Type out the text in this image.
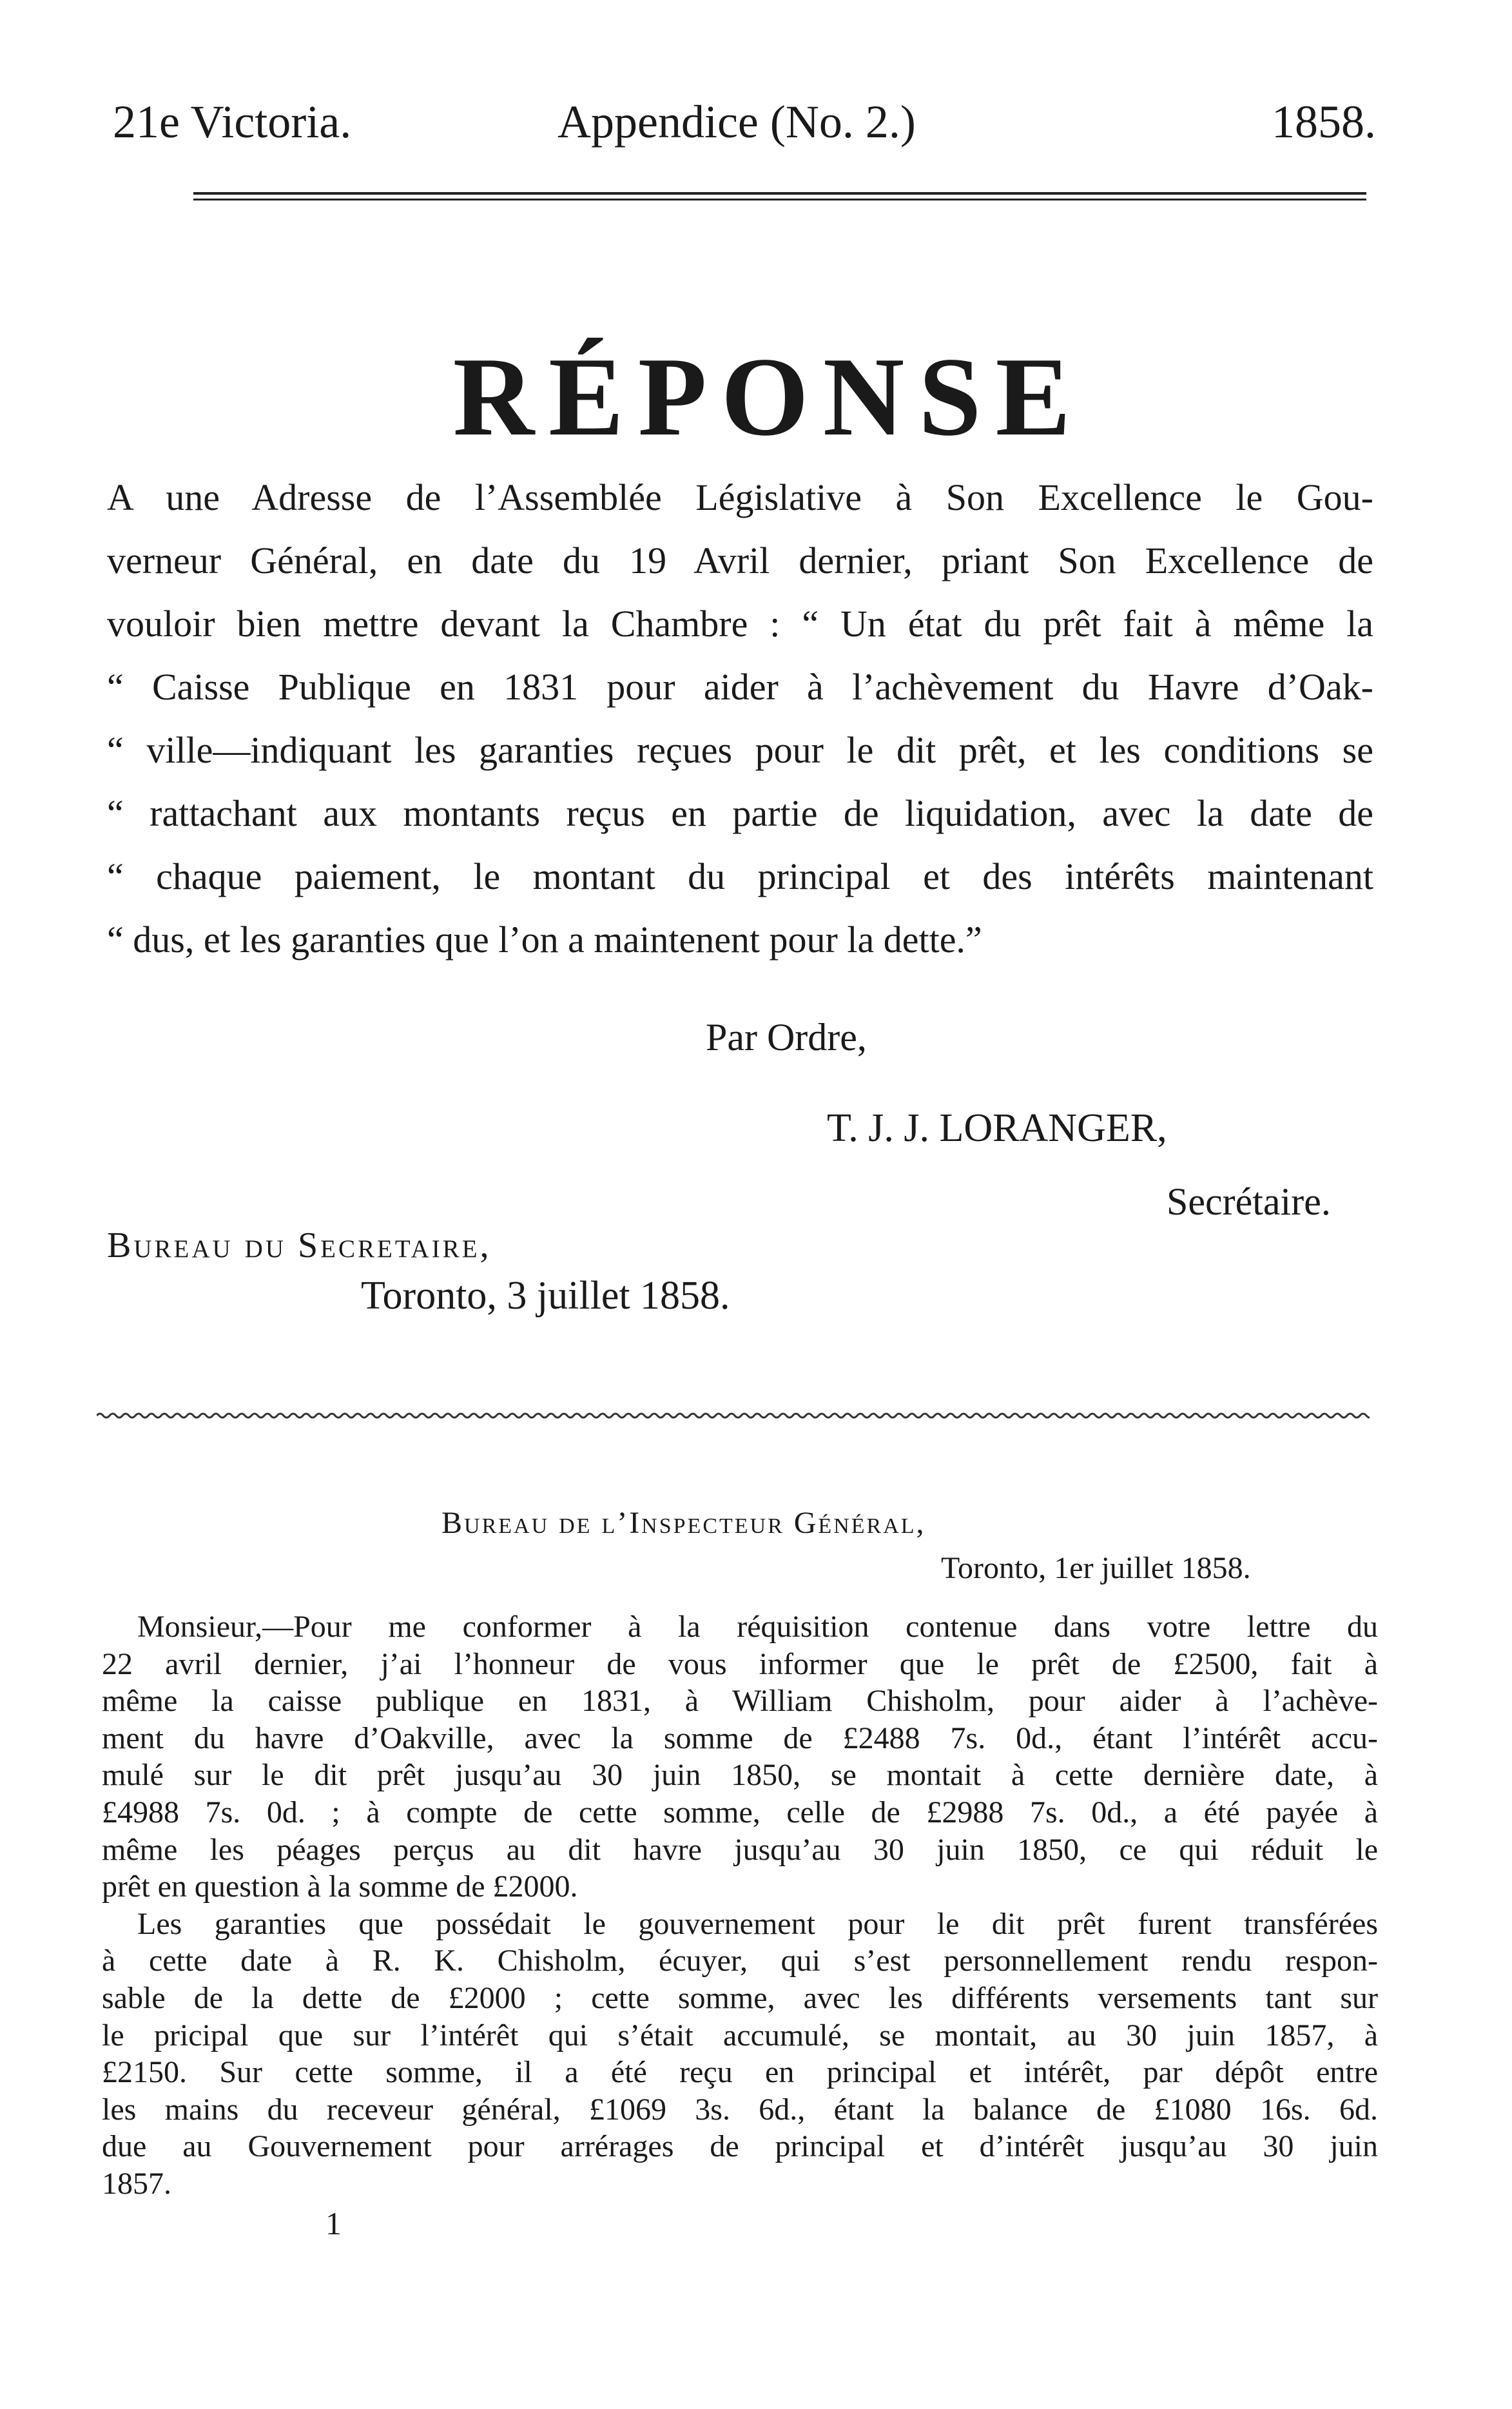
21e Victoria.	Appendice (No. 2.)	1858.
RÉPONSE
A une Adresse de l’Assemblée Législative à Son Excellence le Gou-
verneur Général, en date du 19 Avril dernier, priant Son Excellence de
vouloir bien mettre devant la Chambre : “ Un état du prêt fait à même la
“ Caisse Publique en 1831 pour aider à l’achèvement du Havre d’Oak-
“ ville—indiquant les garanties reçues pour le dit prêt, et les conditions se
“ rattachant aux montants reçus en partie de liquidation, avec la date de
“ chaque paiement, le montant du principal et des intérêts maintenant
“ dus, et les garanties que l’on a maintenent pour la dette.”
Par Ordre,
T. J. J. LORANGER,
Secrétaire.
Bureau du Secretaire,
Toronto, 3 juillet 1858.
Bureau de l’Inspecteur Général,
Toronto, 1er juillet 1858.
Monsieur,—Pour me conformer à la réquisition contenue dans votre lettre du
22 avril dernier, j’ai l’honneur de vous informer que le prêt de £2500, fait à
même la caisse publique en 1831, à William Chisholm, pour aider à l’achève-
ment du havre d’Oakville, avec la somme de £2488 7s. 0d., étant l’intérêt accu-
mulé sur le dit prêt jusqu’au 30 juin 1850, se montait à cette dernière date, à
£4988 7s. 0d. ; à compte de cette somme, celle de £2988 7s. 0d., a été payée à
même les péages perçus au dit havre jusqu’au 30 juin 1850, ce qui réduit le
prêt en question à la somme de £2000.
Les garanties que possédait le gouvernement pour le dit prêt furent transférées
à cette date à R. K. Chisholm, écuyer, qui s’est personnellement rendu respon-
sable de la dette de £2000 ; cette somme, avec les différents versements tant sur
le pricipal que sur l’intérêt qui s’était accumulé, se montait, au 30 juin 1857, à
£2150. Sur cette somme, il a été reçu en principal et intérêt, par dépôt entre
les mains du receveur général, £1069 3s. 6d., étant la balance de £1080 16s. 6d.
due au Gouvernement pour arrérages de principal et d’intérêt jusqu’au 30 juin
1857.
1
